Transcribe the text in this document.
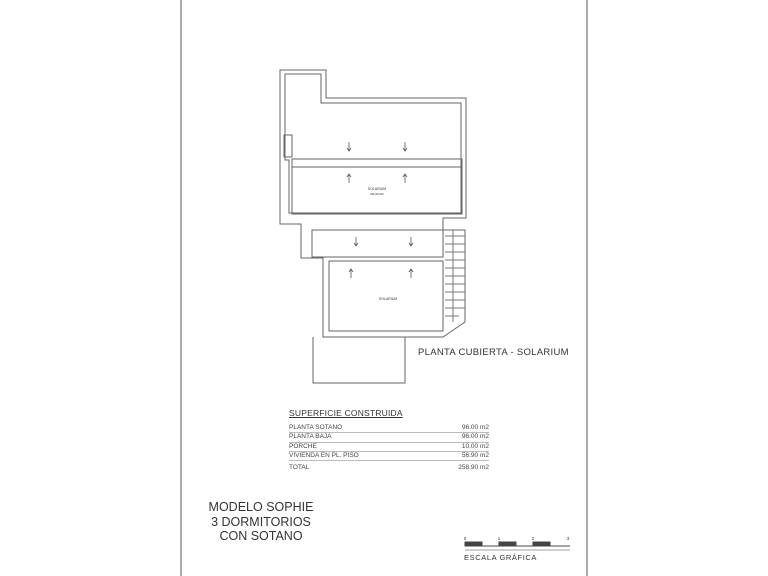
SOLARIUM
DE 80 M2
SOLARIUM
0	1	2	3
PLANTA CUBIERTA - SOLARIUM
SUPERFICIE CONSTRUIDA
PLANTA SOTANO	96.00 m2
PLANTA BAJA	96.00 m2
PORCHE	10.00 m2
VIVIENDA EN PL. PISO	56.90 m2
TOTAL	258.90 m2
MODELO SOPHIE
3 DORMITORIOS
CON SOTANO
ESCALA GRÁFICA
